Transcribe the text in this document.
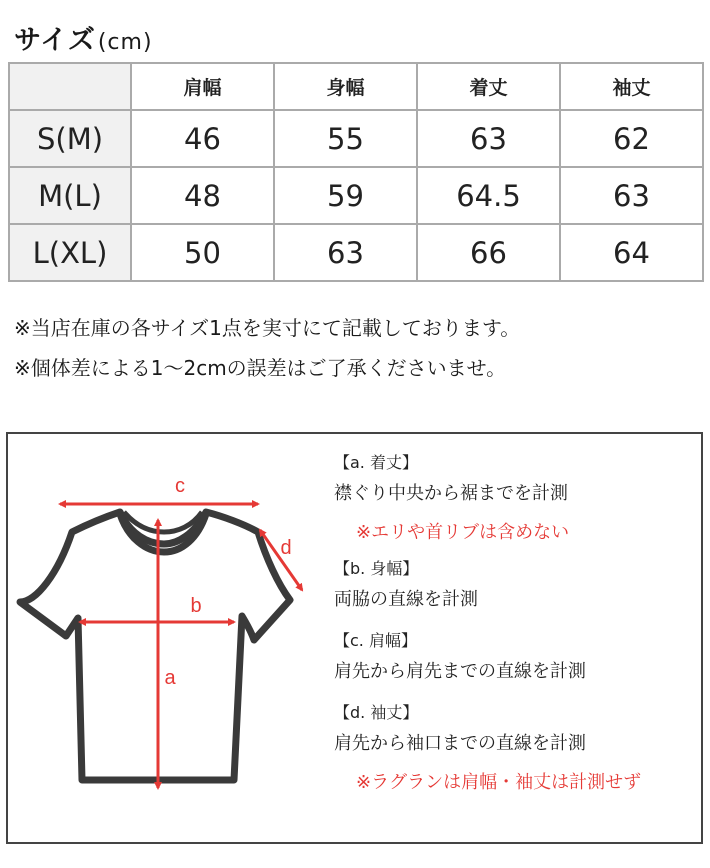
サイズ(cm)
	肩幅	身幅	着丈	袖丈
S(M)	46	55	63	62
M(L)	48	59	64.5	63
L(XL)	50	63	66	64
※当店在庫の各サイズ1点を実寸にて記載しております。
※個体差による1〜2cmの誤差はご了承くださいませ。
c
d
b
a
【a. 着丈】
襟ぐり中央から裾までを計測
※エリや首リブは含めない
【b. 身幅】
両脇の直線を計測
【c. 肩幅】
肩先から肩先までの直線を計測
【d. 袖丈】
肩先から袖口までの直線を計測
※ラグランは肩幅・袖丈は計測せず
